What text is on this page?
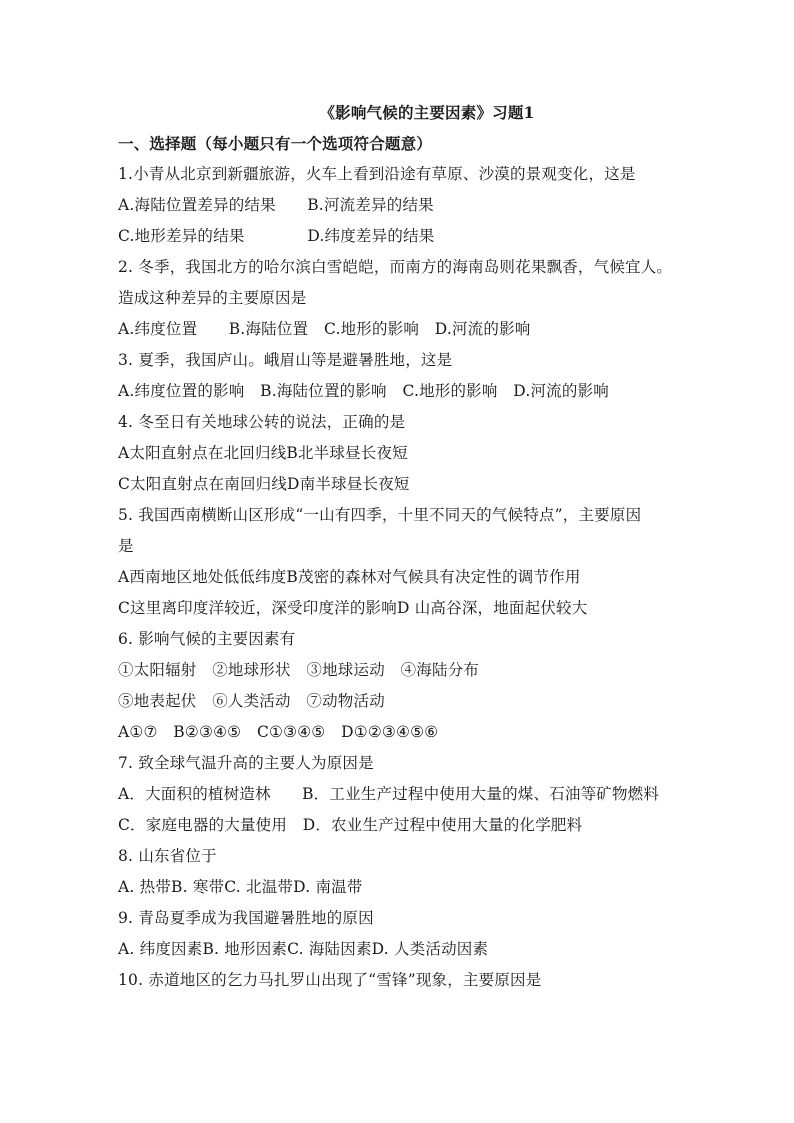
《影响气候的主要因素》习题1
一、选择题（每小题只有一个选项符合题意）
1.小青从北京到新疆旅游，火车上看到沿途有草原、沙漠的景观变化，这是
A.海陆位置差异的结果　　B.河流差异的结果
C.地形差异的结果　　　　D.纬度差异的结果
2. 冬季，我国北方的哈尔滨白雪皑皑，而南方的海南岛则花果飘香，气候宜人。
造成这种差异的主要原因是
A.纬度位置　　B.海陆位置　C.地形的影响　D.河流的影响
3. 夏季，我国庐山。峨眉山等是避暑胜地，这是
A.纬度位置的影响　B.海陆位置的影响　C.地形的影响　D.河流的影响
4. 冬至日有关地球公转的说法，正确的是
A太阳直射点在北回归线B北半球昼长夜短
C太阳直射点在南回归线D南半球昼长夜短
5. 我国西南横断山区形成“一山有四季，十里不同天的气候特点”，主要原因
是
A西南地区地处低低纬度B茂密的森林对气候具有决定性的调节作用
C这里离印度洋较近，深受印度洋的影响D 山高谷深，地面起伏较大
6. 影响气候的主要因素有
①太阳辐射　②地球形状　③地球运动　④海陆分布
⑤地表起伏　⑥人类活动　⑦动物活动
A①⑦　B②③④⑤　C①③④⑤　D①②③④⑤⑥
7. 致全球气温升高的主要人为原因是
A．大面积的植树造林　　B．工业生产过程中使用大量的煤、石油等矿物燃料
C．家庭电器的大量使用　D．农业生产过程中使用大量的化学肥料
8. 山东省位于
A. 热带B. 寒带C. 北温带D. 南温带
9. 青岛夏季成为我国避暑胜地的原因
A. 纬度因素B. 地形因素C. 海陆因素D. 人类活动因素
10. 赤道地区的乞力马扎罗山出现了“雪锋”现象，主要原因是
